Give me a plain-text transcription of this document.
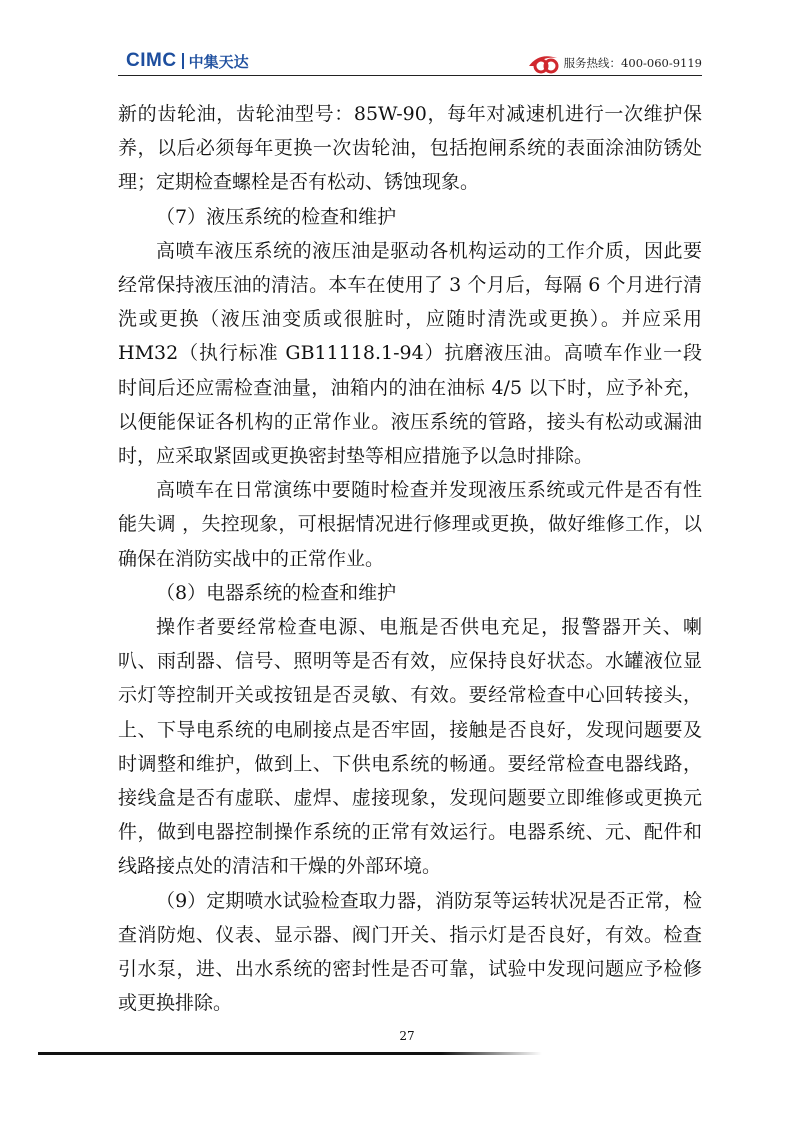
CIMC 中集天达	服务热线：400-060-9119

新的齿轮油，齿轮油型号：85W-90，每年对减速机进行一次维护保养，以后必须每年更换一次齿轮油，包括抱闸系统的表面涂油防锈处理；定期检查螺栓是否有松动、锈蚀现象。

（7）液压系统的检查和维护

高喷车液压系统的液压油是驱动各机构运动的工作介质，因此要经常保持液压油的清洁。本车在使用了 3 个月后，每隔 6 个月进行清洗或更换（液压油变质或很脏时，应随时清洗或更换）。并应采用 HM32（执行标准 GB11118.1-94）抗磨液压油。高喷车作业一段时间后还应需检查油量，油箱内的油在油标 4/5 以下时，应予补充，以便能保证各机构的正常作业。液压系统的管路，接头有松动或漏油时，应采取紧固或更换密封垫等相应措施予以急时排除。

高喷车在日常演练中要随时检查并发现液压系统或元件是否有性能失调 ，失控现象，可根据情况进行修理或更换，做好维修工作，以确保在消防实战中的正常作业。

（8）电器系统的检查和维护

操作者要经常检查电源、电瓶是否供电充足，报警器开关、喇叭、雨刮器、信号、照明等是否有效，应保持良好状态。水罐液位显示灯等控制开关或按钮是否灵敏、有效。要经常检查中心回转接头，上、下导电系统的电刷接点是否牢固，接触是否良好，发现问题要及时调整和维护，做到上、下供电系统的畅通。要经常检查电器线路，接线盒是否有虚联、虚焊、虚接现象，发现问题要立即维修或更换元件，做到电器控制操作系统的正常有效运行。电器系统、元、配件和线路接点处的清洁和干燥的外部环境。

（9）定期喷水试验检查取力器，消防泵等运转状况是否正常，检查消防炮、仪表、显示器、阀门开关、指示灯是否良好，有效。检查引水泵，进、出水系统的密封性是否可靠，试验中发现问题应予检修或更换排除。

27
